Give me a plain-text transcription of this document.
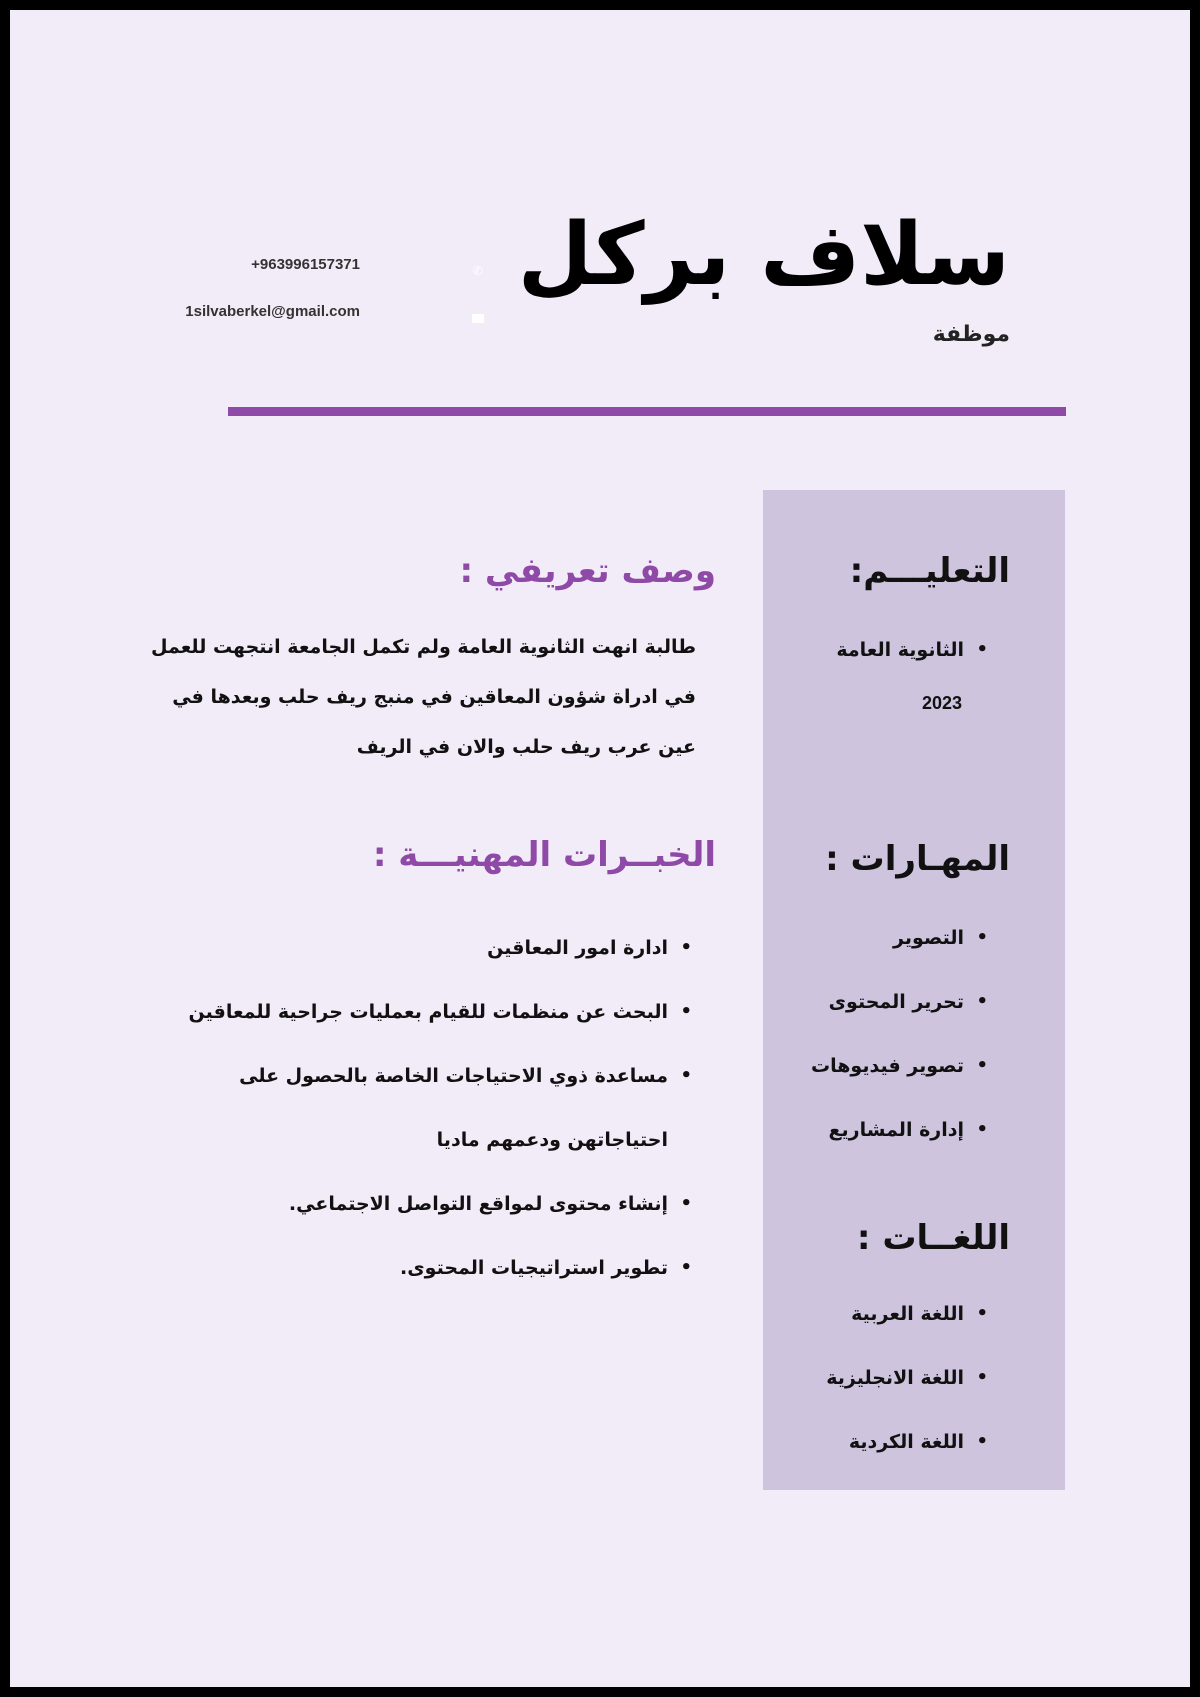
سلاف بركل
موظفة
+963996157371	✆
1silvaberkel@gmail.com
التعليـــم:
• الثانوية العامة
2023
المهـارات :
• التصوير
• تحرير المحتوى
• تصوير فيديوهات
• إدارة المشاريع
اللغــات :
• اللغة العربية
• اللغة الانجليزية
• اللغة الكردية
وصف تعريفي :
طالبة انهت الثانوية العامة ولم تكمل الجامعة انتجهت للعمل في ادراة شؤون المعاقين في منبج ريف حلب وبعدها في عين عرب ريف حلب والان في الريف
الخبــرات المهنيـــة :
• ادارة امور المعاقين
• البحث عن منظمات للقيام بعمليات جراحية للمعاقين
• مساعدة ذوي الاحتياجات الخاصة بالحصول على احتياجاتهن ودعمهم ماديا
• إنشاء محتوى لمواقع التواصل الاجتماعي.
• تطوير استراتيجيات المحتوى.
